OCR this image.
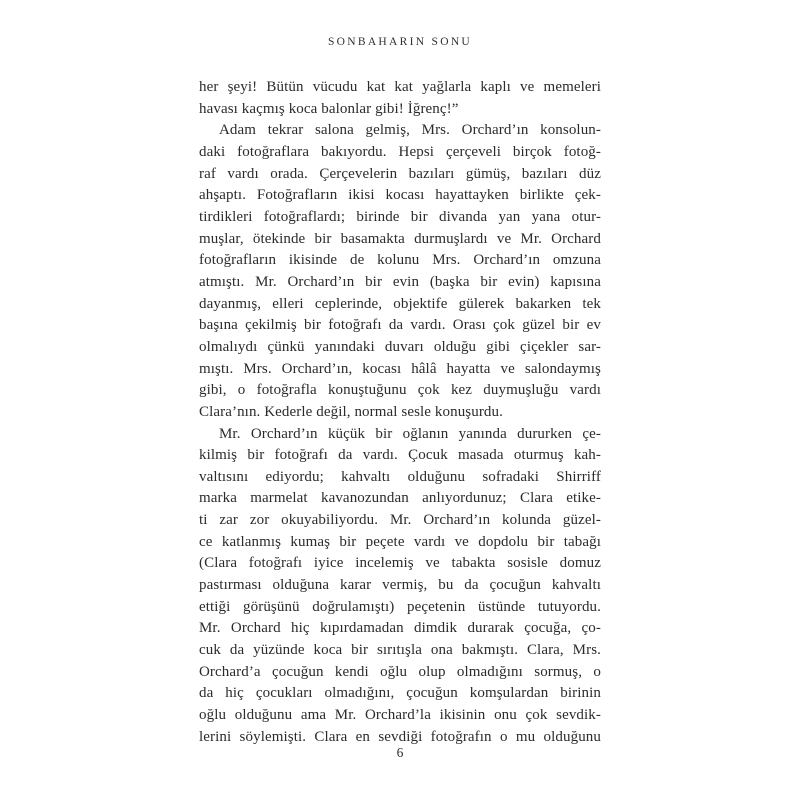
SONBAHARIN SONU
her şeyi! Bütün vücudu kat kat yağlarla kaplı ve memeleri
havası kaçmış koca balonlar gibi! İğrenç!”
Adam tekrar salona gelmiş, Mrs. Orchard’ın konsolun-
daki fotoğraflara bakıyordu. Hepsi çerçeveli birçok fotoğ-
raf vardı orada. Çerçevelerin bazıları gümüş, bazıları düz
ahşaptı. Fotoğrafların ikisi kocası hayattayken birlikte çek-
tirdikleri fotoğraflardı; birinde bir divanda yan yana otur-
muşlar, ötekinde bir basamakta durmuşlardı ve Mr. Orchard
fotoğrafların ikisinde de kolunu Mrs. Orchard’ın omzuna
atmıştı. Mr. Orchard’ın bir evin (başka bir evin) kapısına
dayanmış, elleri ceplerinde, objektife gülerek bakarken tek
başına çekilmiş bir fotoğrafı da vardı. Orası çok güzel bir ev
olmalıydı çünkü yanındaki duvarı olduğu gibi çiçekler sar-
mıştı. Mrs. Orchard’ın, kocası hâlâ hayatta ve salondaymış
gibi, o fotoğrafla konuştuğunu çok kez duymuşluğu vardı
Clara’nın. Kederle değil, normal sesle konuşurdu.
Mr. Orchard’ın küçük bir oğlanın yanında dururken çe-
kilmiş bir fotoğrafı da vardı. Çocuk masada oturmuş kah-
valtısını ediyordu; kahvaltı olduğunu sofradaki Shirriff
marka marmelat kavanozundan anlıyordunuz; Clara etike-
ti zar zor okuyabiliyordu. Mr. Orchard’ın kolunda güzel-
ce katlanmış kumaş bir peçete vardı ve dopdolu bir tabağı
(Clara fotoğrafı iyice incelemiş ve tabakta sosisle domuz
pastırması olduğuna karar vermiş, bu da çocuğun kahvaltı
ettiği görüşünü doğrulamıştı) peçetenin üstünde tutuyordu.
Mr. Orchard hiç kıpırdamadan dimdik durarak çocuğa, ço-
cuk da yüzünde koca bir sırıtışla ona bakmıştı. Clara, Mrs.
Orchard’a çocuğun kendi oğlu olup olmadığını sormuş, o
da hiç çocukları olmadığını, çocuğun komşulardan birinin
oğlu olduğunu ama Mr. Orchard’la ikisinin onu çok sevdik-
lerini söylemişti. Clara en sevdiği fotoğrafın o mu olduğunu
6
